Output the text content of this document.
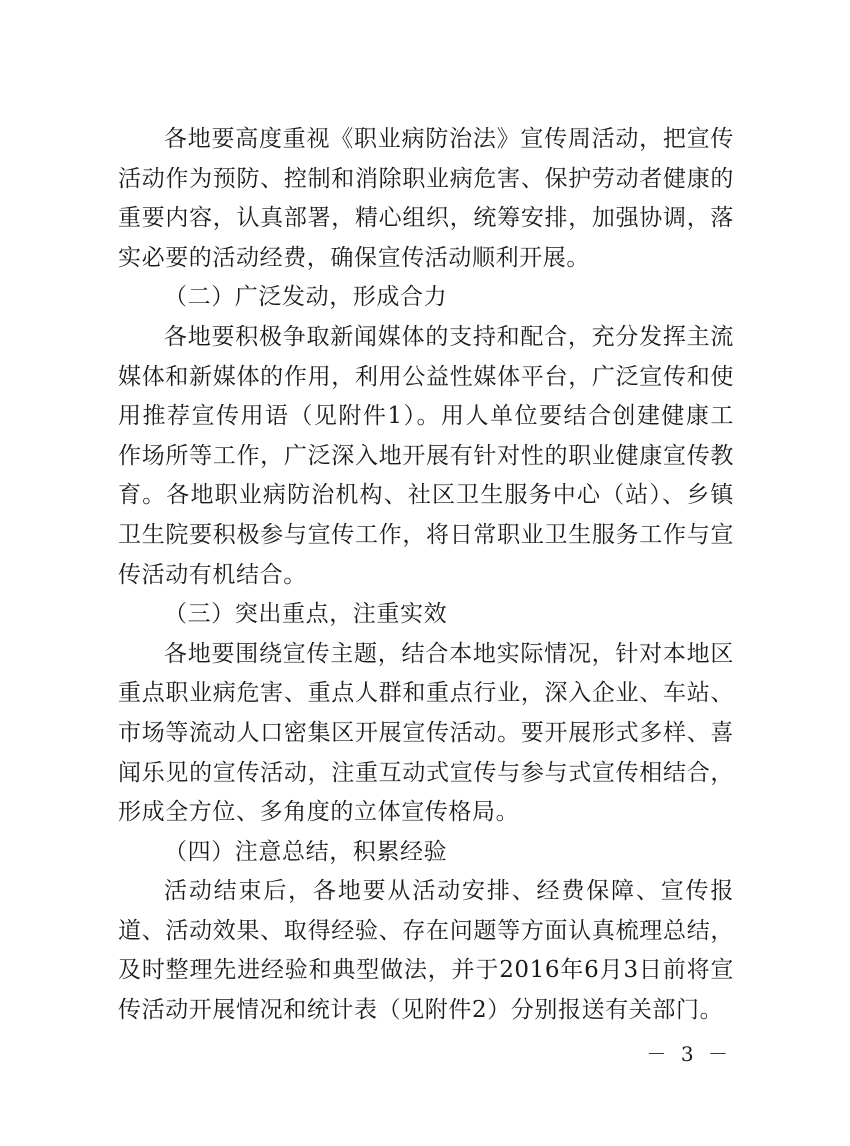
各地要高度重视《职业病防治法》宣传周活动，把宣传活动作为预防、控制和消除职业病危害、保护劳动者健康的重要内容，认真部署，精心组织，统筹安排，加强协调，落实必要的活动经费，确保宣传活动顺利开展。

（二）广泛发动，形成合力

各地要积极争取新闻媒体的支持和配合，充分发挥主流媒体和新媒体的作用，利用公益性媒体平台，广泛宣传和使用推荐宣传用语（见附件1）。用人单位要结合创建健康工作场所等工作，广泛深入地开展有针对性的职业健康宣传教育。各地职业病防治机构、社区卫生服务中心（站）、乡镇卫生院要积极参与宣传工作，将日常职业卫生服务工作与宣传活动有机结合。

（三）突出重点，注重实效

各地要围绕宣传主题，结合本地实际情况，针对本地区重点职业病危害、重点人群和重点行业，深入企业、车站、市场等流动人口密集区开展宣传活动。要开展形式多样、喜闻乐见的宣传活动，注重互动式宣传与参与式宣传相结合，形成全方位、多角度的立体宣传格局。

（四）注意总结，积累经验

活动结束后，各地要从活动安排、经费保障、宣传报道、活动效果、取得经验、存在问题等方面认真梳理总结，及时整理先进经验和典型做法，并于2016年6月3日前将宣传活动开展情况和统计表（见附件2）分别报送有关部门。

－ 3 －
